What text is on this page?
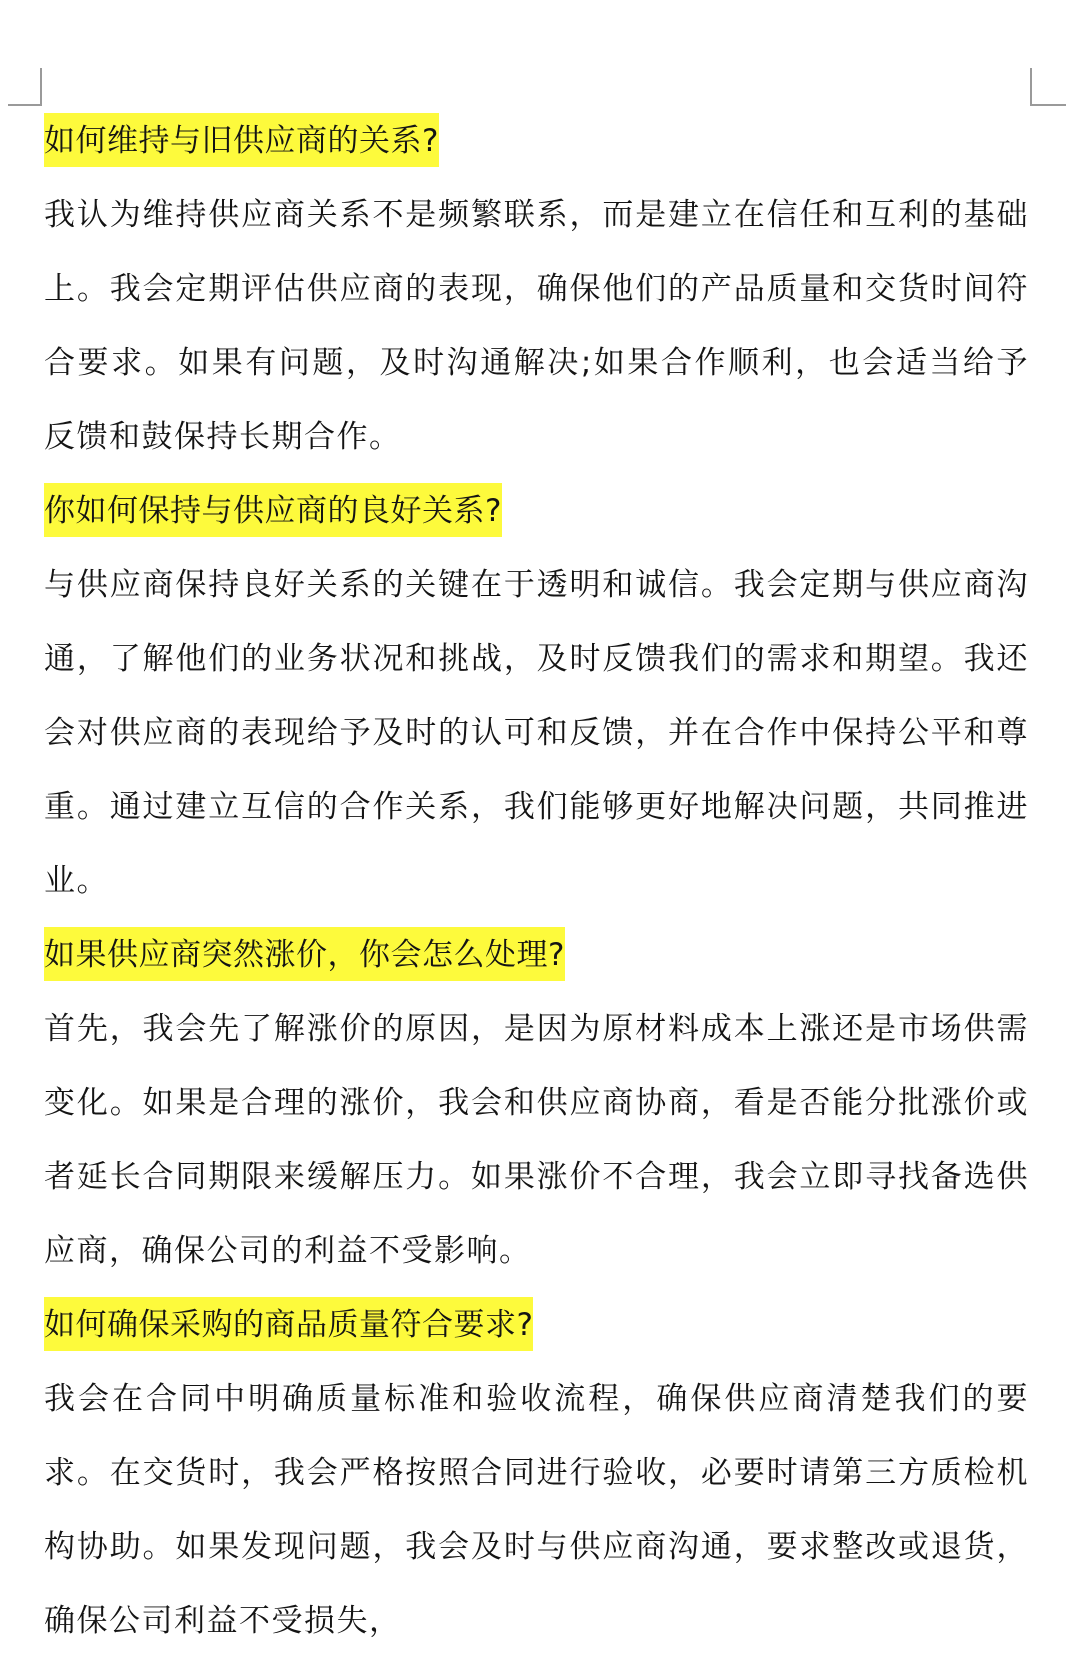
如何维持与旧供应商的关系?

我认为维持供应商关系不是频繁联系，而是建立在信任和互利的基础上。我会定期评估供应商的表现，确保他们的产品质量和交货时间符合要求。如果有问题，及时沟通解决;如果合作顺利，也会适当给予反馈和鼓保持长期合作。

你如何保持与供应商的良好关系?

与供应商保持良好关系的关键在于透明和诚信。我会定期与供应商沟通，了解他们的业务状况和挑战，及时反馈我们的需求和期望。我还会对供应商的表现给予及时的认可和反馈，并在合作中保持公平和尊重。通过建立互信的合作关系，我们能够更好地解决问题，共同推进业。

如果供应商突然涨价，你会怎么处理?

首先，我会先了解涨价的原因，是因为原材料成本上涨还是市场供需变化。如果是合理的涨价，我会和供应商协商，看是否能分批涨价或者延长合同期限来缓解压力。如果涨价不合理，我会立即寻找备选供应商，确保公司的利益不受影响。

如何确保采购的商品质量符合要求?

我会在合同中明确质量标准和验收流程，确保供应商清楚我们的要求。在交货时，我会严格按照合同进行验收，必要时请第三方质检机构协助。如果发现问题，我会及时与供应商沟通，要求整改或退货，确保公司利益不受损失，
